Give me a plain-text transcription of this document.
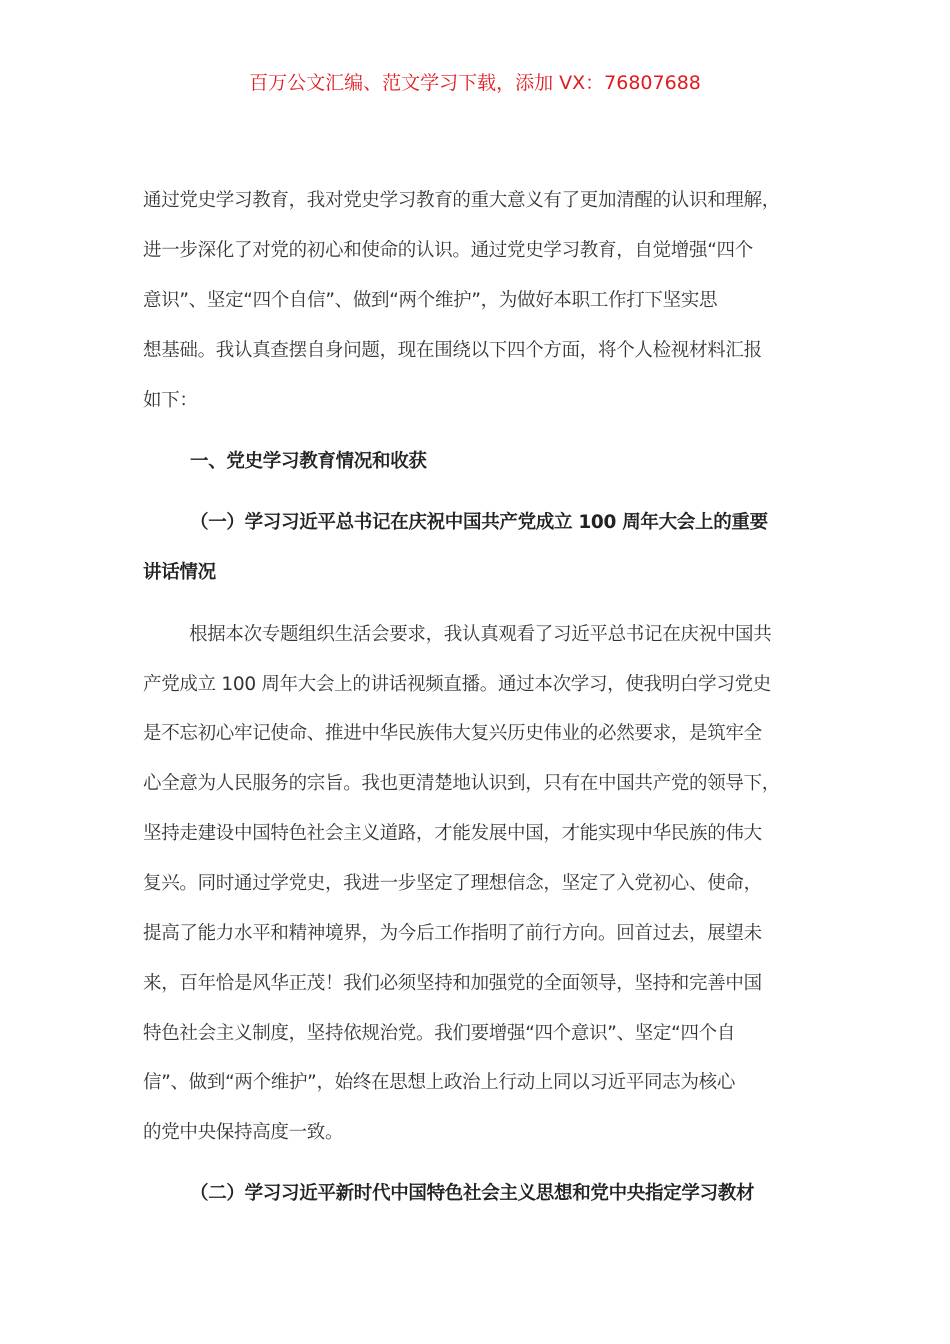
百万公文汇编、范文学习下载，添加 VX：76807688
通过党史学习教育，我对党史学习教育的重大意义有了更加清醒的认识和理解，
进一步深化了对党的初心和使命的认识。通过党史学习教育，自觉增强“四个
意识”、坚定“四个自信”、做到“两个维护”，为做好本职工作打下坚实思
想基础。我认真查摆自身问题，现在围绕以下四个方面，将个人检视材料汇报
如下：
一、党史学习教育情况和收获
（一）学习习近平总书记在庆祝中国共产党成立 100 周年大会上的重要
讲话情况
根据本次专题组织生活会要求，我认真观看了习近平总书记在庆祝中国共
产党成立 100 周年大会上的讲话视频直播。通过本次学习，使我明白学习党史
是不忘初心牢记使命、推进中华民族伟大复兴历史伟业的必然要求，是筑牢全
心全意为人民服务的宗旨。我也更清楚地认识到，只有在中国共产党的领导下，
坚持走建设中国特色社会主义道路，才能发展中国，才能实现中华民族的伟大
复兴。同时通过学党史，我进一步坚定了理想信念，坚定了入党初心、使命，
提高了能力水平和精神境界，为今后工作指明了前行方向。回首过去，展望未
来，百年恰是风华正茂！我们必须坚持和加强党的全面领导，坚持和完善中国
特色社会主义制度，坚持依规治党。我们要增强“四个意识”、坚定“四个自
信”、做到“两个维护”，始终在思想上政治上行动上同以习近平同志为核心
的党中央保持高度一致。
（二）学习习近平新时代中国特色社会主义思想和党中央指定学习教材
